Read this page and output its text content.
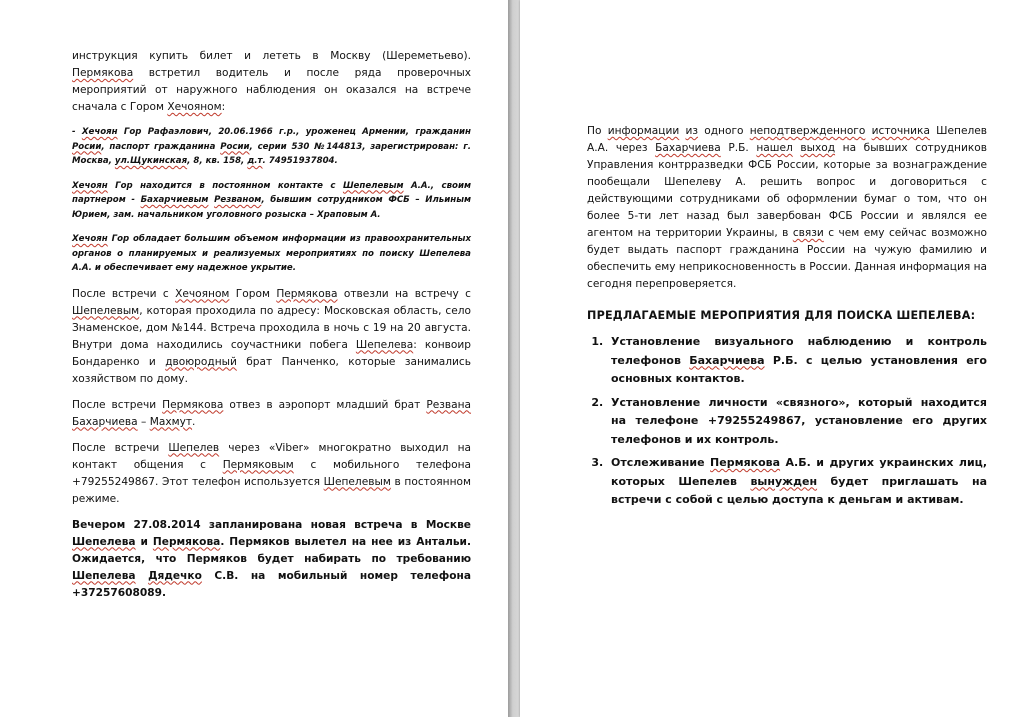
инструкция купить билет и лететь в Москву (Шереметьево). Пермякова встретил водитель и после ряда проверочных мероприятий от наружного наблюдения он оказался на встрече сначала с Гором Хечояном:

- Хечоян Гор Рафаэлович, 20.06.1966 г.р., уроженец Армении, гражданин Росии, паспорт гражданина Росии, серии 530 №144813, зарегистрирован: г. Москва, ул.Щукинская, 8, кв. 158, д.т. 74951937804.

Хечоян Гор находится в постоянном контакте с Шепелевым А.А., своим партнером - Бахарчиевым Резваном, бывшим сотрудником ФСБ – Ильиным Юрием, зам. начальником уголовного розыска – Храповым А.

Хечоян Гор обладает большим объемом информации из правоохранительных органов о планируемых и реализуемых мероприятиях по поиску Шепелева А.А. и обеспечивает ему надежное укрытие.

После встречи с Хечояном Гором Пермякова отвезли на встречу с Шепелевым, которая проходила по адресу: Московская область, село Знаменское, дом №144. Встреча проходила в ночь с 19 на 20 августа. Внутри дома находились соучастники побега Шепелева: конвоир Бондаренко и двоюродный брат Панченко, которые занимались хозяйством по дому.

После встречи Пермякова отвез в аэропорт младший брат Резвана Бахарчиева – Махмут.

После встречи Шепелев через «Viber» многократно выходил на контакт общения с Пермяковым с мобильного телефона +79255249867. Этот телефон используется Шепелевым в постоянном режиме.

Вечером 27.08.2014 запланирована новая встреча в Москве Шепелева и Пермякова. Пермяков вылетел на нее из Антальи. Ожидается, что Пермяков будет набирать по требованию Шепелева Дядечко С.В. на мобильный номер телефона +37257608089.

По информации из одного неподтвержденного источника Шепелев А.А. через Бахарчиева Р.Б. нашел выход на бывших сотрудников Управления контрразведки ФСБ России, которые за вознаграждение пообещали Шепелеву А. решить вопрос и договориться с действующими сотрудниками об оформлении бумаг о том, что он более 5-ти лет назад был завербован ФСБ России и являлся ее агентом на территории Украины, в связи с чем ему сейчас возможно будет выдать паспорт гражданина России на чужую фамилию и обеспечить ему неприкосновенность в России. Данная информация на сегодня перепроверяется.

ПРЕДЛАГАЕМЫЕ МЕРОПРИЯТИЯ ДЛЯ ПОИСКА ШЕПЕЛЕВА:
1. Установление визуального наблюдению и контроль телефонов Бахарчиева Р.Б. с целью установления его основных контактов.
2. Установление личности «связного», который находится на телефоне +79255249867, установление его других телефонов и их контроль.
3. Отслеживание Пермякова А.Б. и других украинских лиц, которых Шепелев вынужден будет приглашать на встречи с собой с целью доступа к деньгам и активам.
